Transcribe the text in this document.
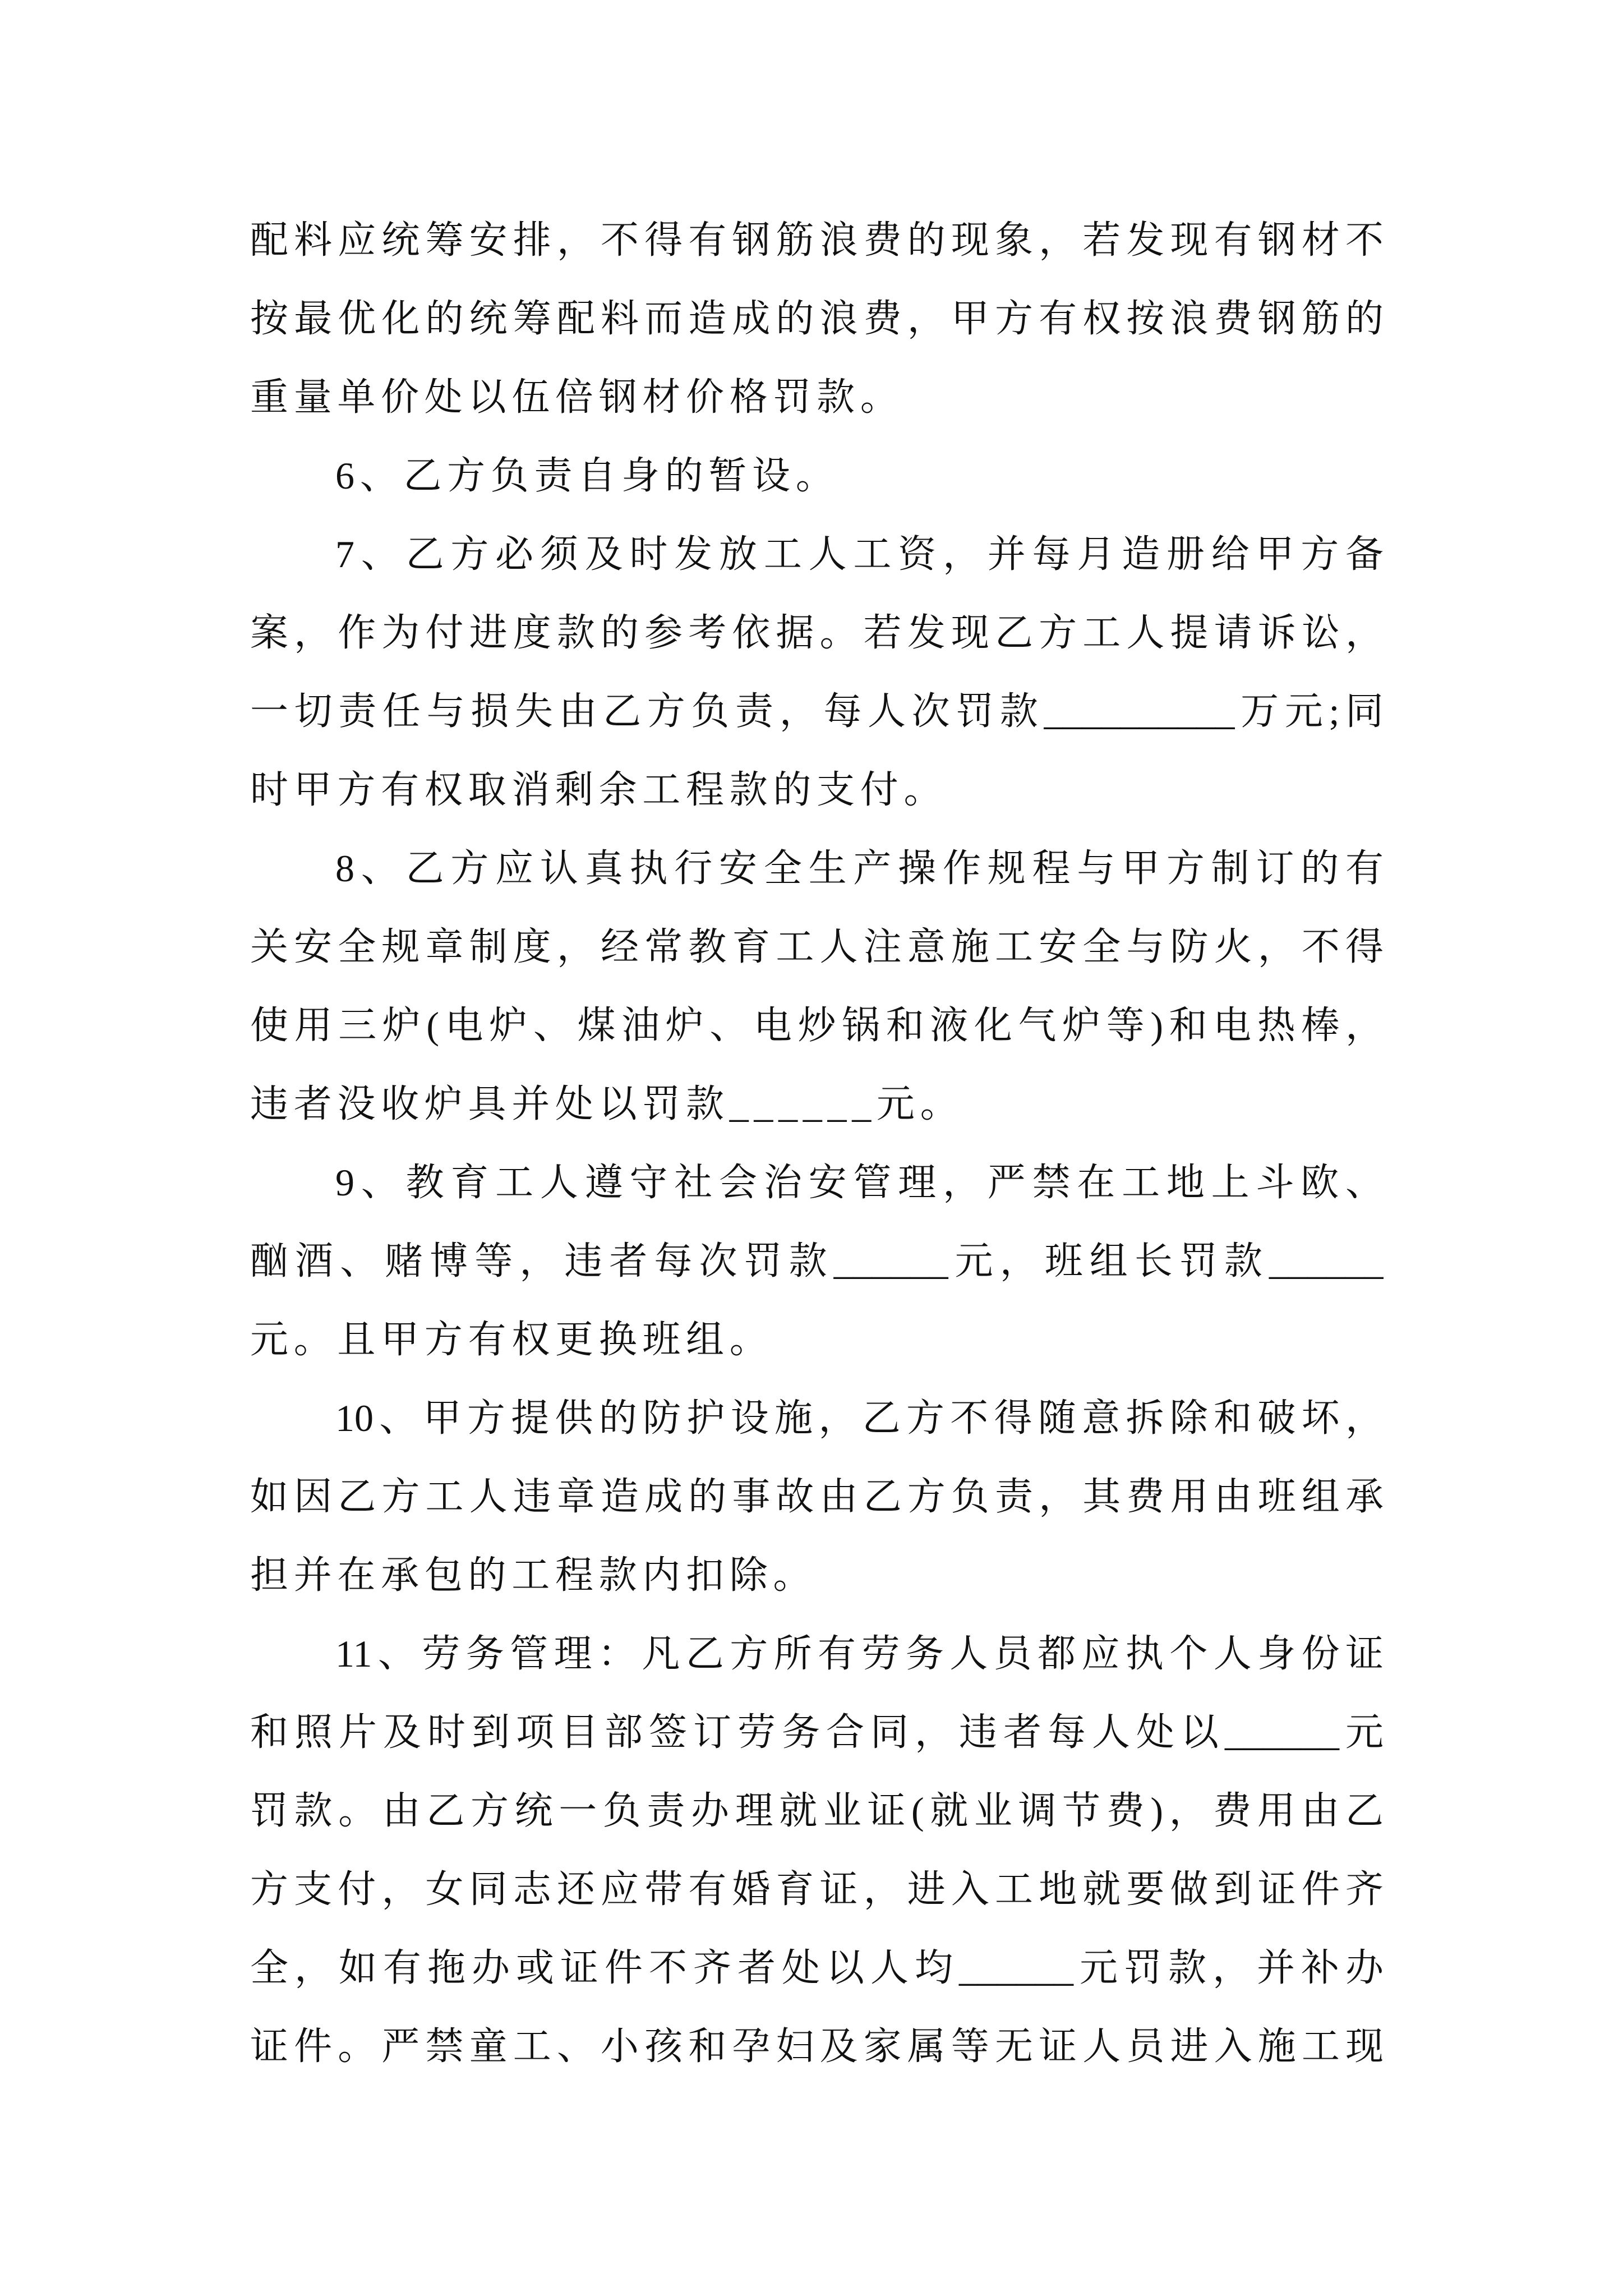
配料应统筹安排，不得有钢筋浪费的现象，若发现有钢材不
按最优化的统筹配料而造成的浪费，甲方有权按浪费钢筋的
重量单价处以伍倍钢材价格罚款。
6、乙方负责自身的暂设。
7、乙方必须及时发放工人工资，并每月造册给甲方备
案，作为付进度款的参考依据。若发现乙方工人提请诉讼，
一切责任与损失由乙方负责，每人次罚款__________万元;同
时甲方有权取消剩余工程款的支付。
8、乙方应认真执行安全生产操作规程与甲方制订的有
关安全规章制度，经常教育工人注意施工安全与防火，不得
使用三炉(电炉、煤油炉、电炒锅和液化气炉等)和电热棒，
违者没收炉具并处以罚款______元。
9、教育工人遵守社会治安管理，严禁在工地上斗欧、
酗酒、赌博等，违者每次罚款______元，班组长罚款______
元。且甲方有权更换班组。
10、甲方提供的防护设施，乙方不得随意拆除和破坏，
如因乙方工人违章造成的事故由乙方负责，其费用由班组承
担并在承包的工程款内扣除。
11、劳务管理：凡乙方所有劳务人员都应执个人身份证
和照片及时到项目部签订劳务合同，违者每人处以______元
罚款。由乙方统一负责办理就业证(就业调节费)，费用由乙
方支付，女同志还应带有婚育证，进入工地就要做到证件齐
全，如有拖办或证件不齐者处以人均______元罚款，并补办
证件。严禁童工、小孩和孕妇及家属等无证人员进入施工现
